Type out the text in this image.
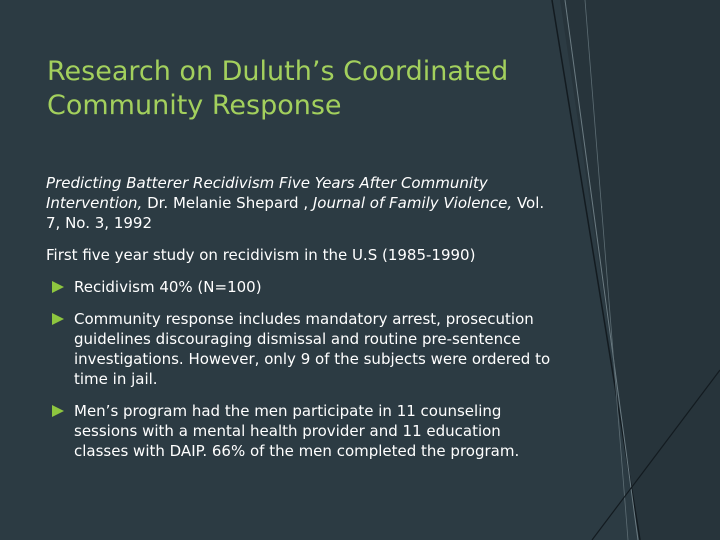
Research on Duluth’s Coordinated Community Response

Predicting Batterer Recidivism Five Years After Community Intervention, Dr. Melanie Shepard , Journal of Family Violence, Vol. 7, No. 3, 1992

First five year study on recidivism in the U.S (1985-1990)

Recidivism 40% (N=100)
Community response includes mandatory arrest, prosecution guidelines discouraging dismissal and routine pre-sentence investigations. However, only 9 of the subjects were ordered to time in jail.
Men’s program had the men participate in 11 counseling sessions with a mental health provider and 11 education classes with DAIP. 66% of the men completed the program.
